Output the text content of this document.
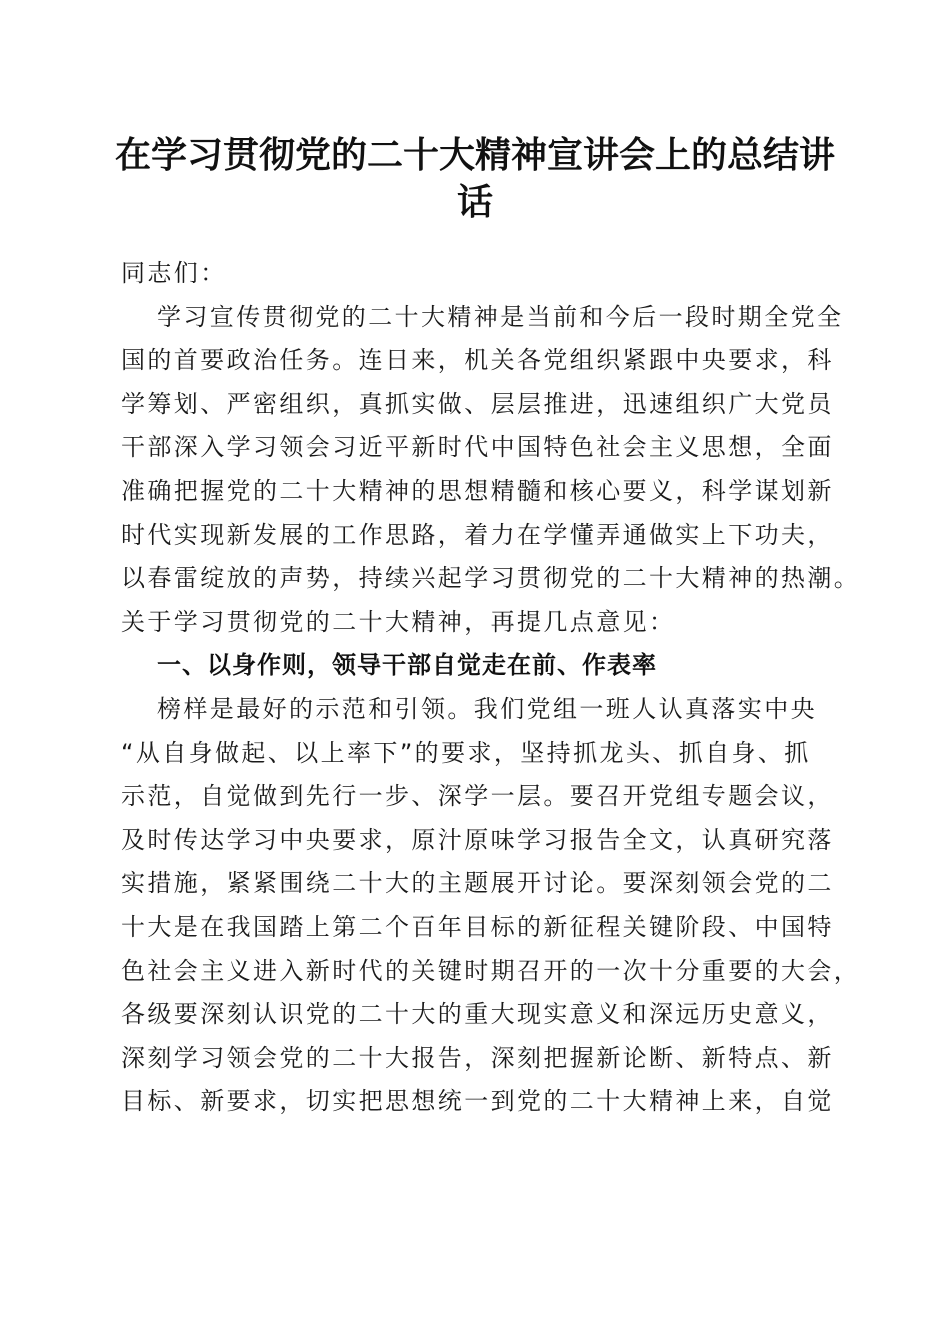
在学习贯彻党的二十大精神宣讲会上的总结讲
话
同志们：
学习宣传贯彻党的二十大精神是当前和今后一段时期全党全
国的首要政治任务。连日来，机关各党组织紧跟中央要求，科
学筹划、严密组织，真抓实做、层层推进，迅速组织广大党员
干部深入学习领会习近平新时代中国特色社会主义思想，全面
准确把握党的二十大精神的思想精髓和核心要义，科学谋划新
时代实现新发展的工作思路，着力在学懂弄通做实上下功夫，
以春雷绽放的声势，持续兴起学习贯彻党的二十大精神的热潮。
关于学习贯彻党的二十大精神，再提几点意见：
一、以身作则，领导干部自觉走在前、作表率
榜样是最好的示范和引领。我们党组一班人认真落实中央
“从自身做起、以上率下”的要求，坚持抓龙头、抓自身、抓
示范，自觉做到先行一步、深学一层。要召开党组专题会议，
及时传达学习中央要求，原汁原味学习报告全文，认真研究落
实措施，紧紧围绕二十大的主题展开讨论。要深刻领会党的二
十大是在我国踏上第二个百年目标的新征程关键阶段、中国特
色社会主义进入新时代的关键时期召开的一次十分重要的大会，
各级要深刻认识党的二十大的重大现实意义和深远历史意义，
深刻学习领会党的二十大报告，深刻把握新论断、新特点、新
目标、新要求，切实把思想统一到党的二十大精神上来，自觉
